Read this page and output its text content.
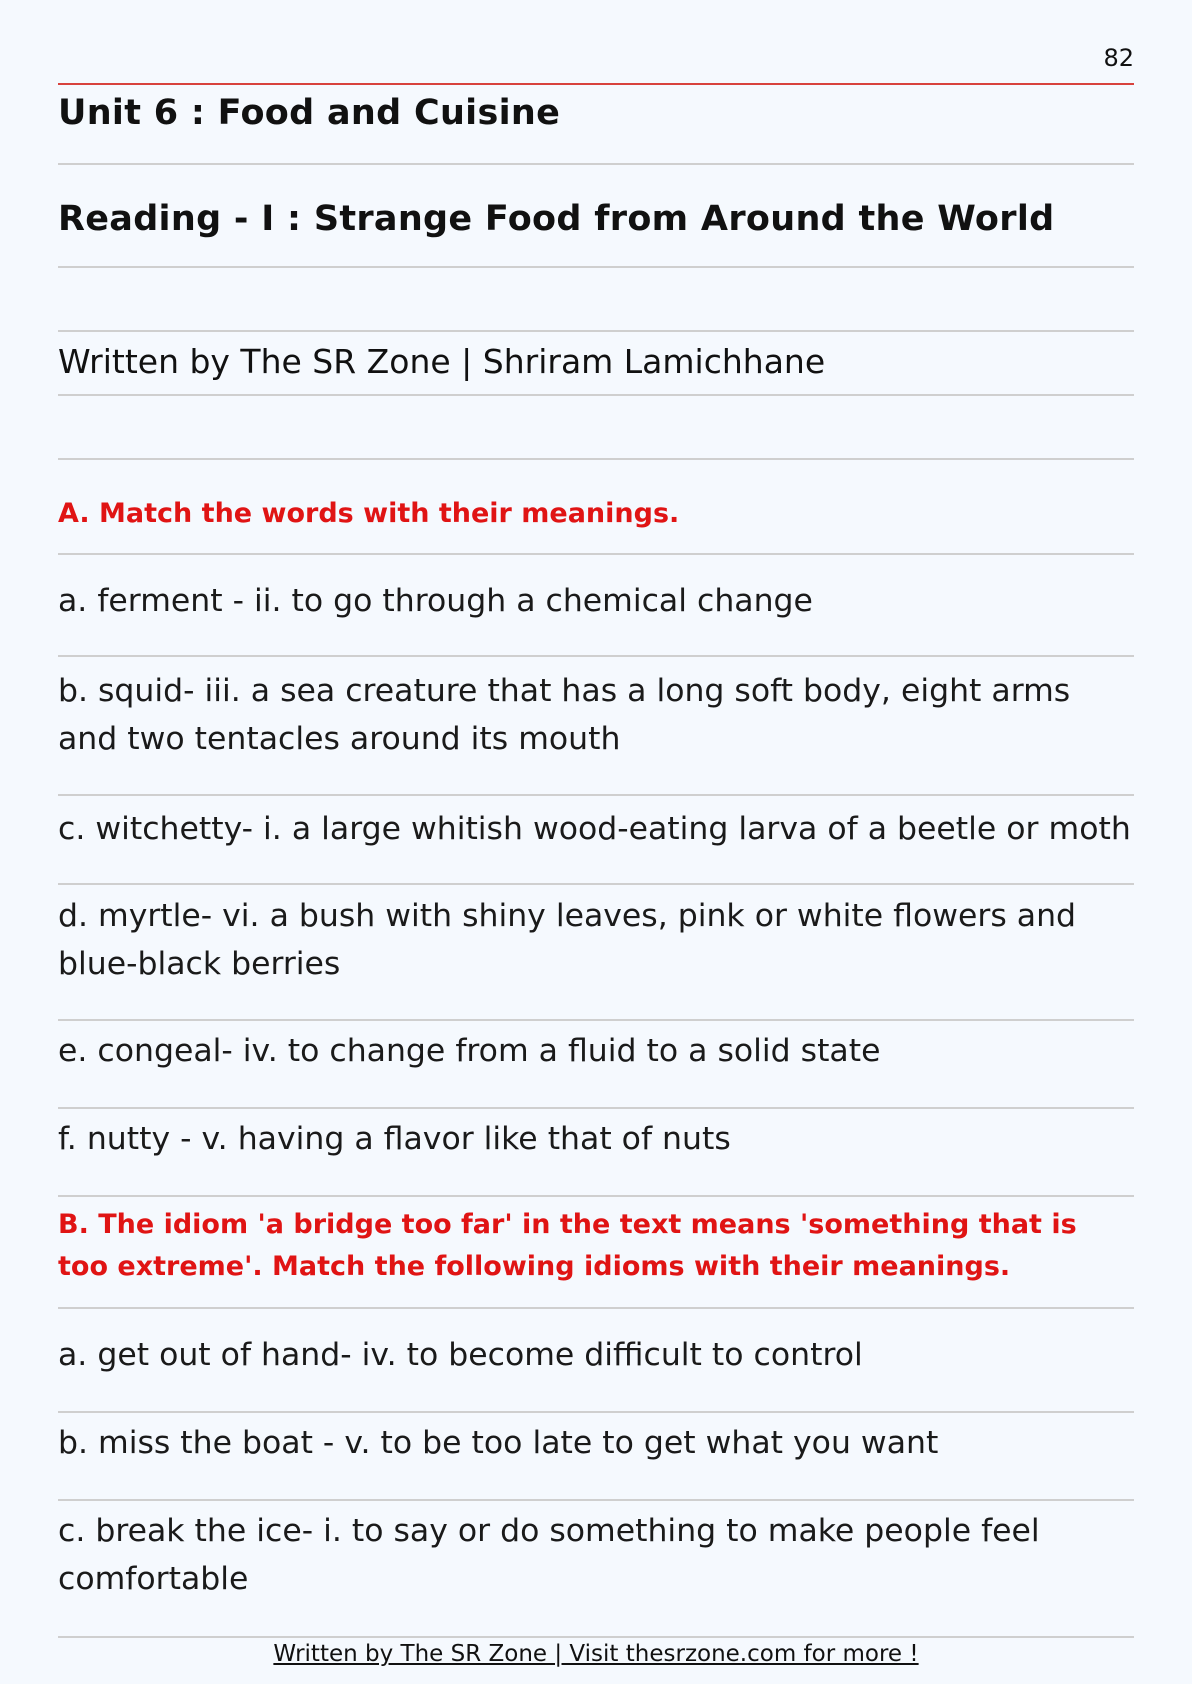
82
Unit 6 : Food and Cuisine
Reading - I : Strange Food from Around the World
Written by The SR Zone | Shriram Lamichhane
A. Match the words with their meanings.
a. ferment - ii. to go through a chemical change
b. squid- iii. a sea creature that has a long soft body, eight arms and two tentacles around its mouth
c. witchetty- i. a large whitish wood-eating larva of a beetle or moth
d. myrtle- vi. a bush with shiny leaves, pink or white flowers and blue-black berries
e. congeal- iv. to change from a fluid to a solid state
f. nutty - v. having a flavor like that of nuts
B. The idiom 'a bridge too far' in the text means 'something that is too extreme'. Match the following idioms with their meanings.
a. get out of hand- iv. to become difficult to control
b. miss the boat - v. to be too late to get what you want
c. break the ice- i. to say or do something to make people feel comfortable
Written by The SR Zone | Visit thesrzone.com for more !
